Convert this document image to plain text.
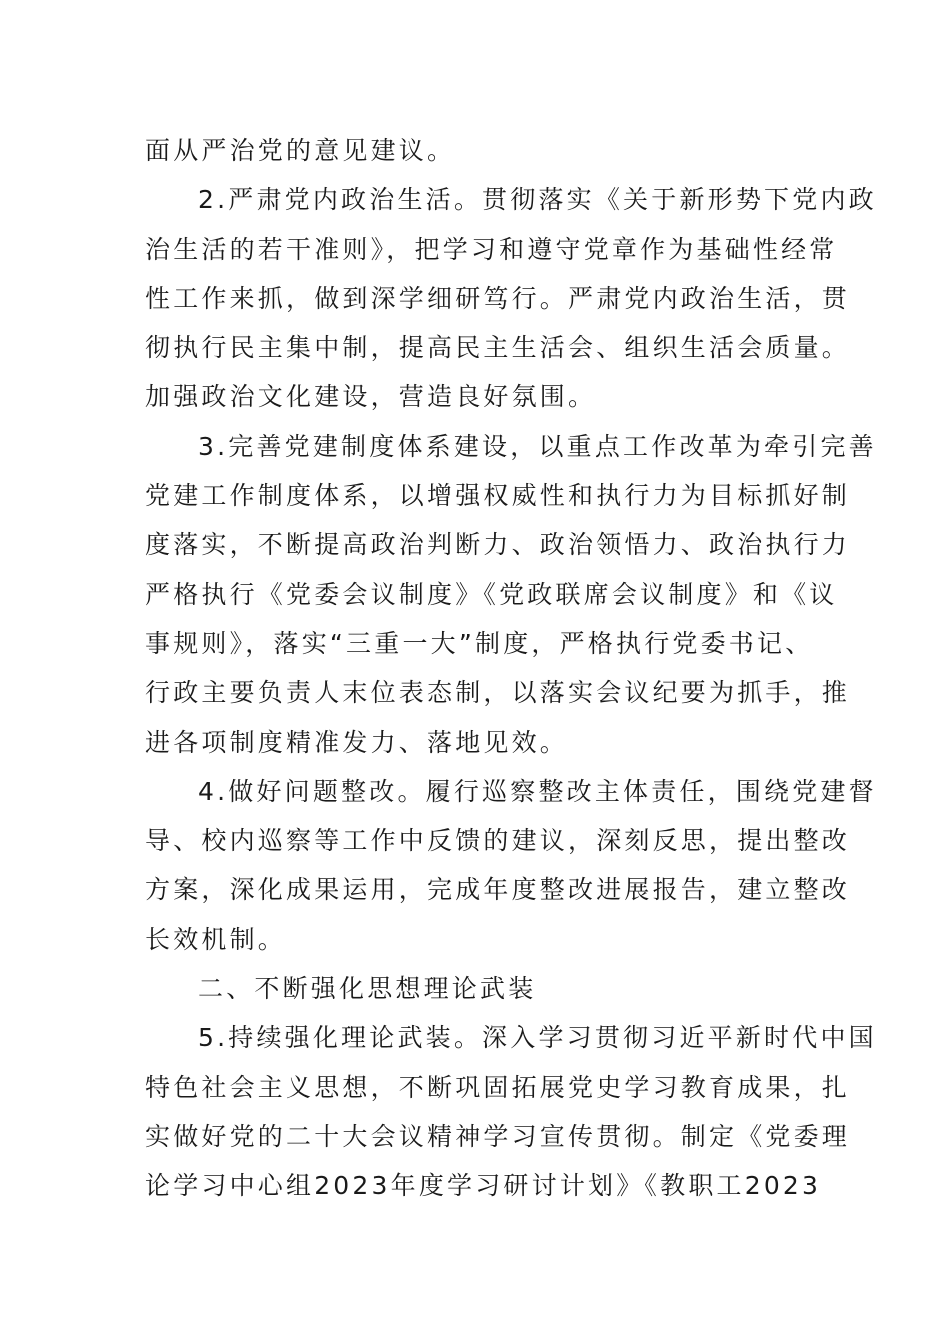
面从严治党的意见建议。
2.严肃党内政治生活。贯彻落实《关于新形势下党内政
治生活的若干准则》，把学习和遵守党章作为基础性经常
性工作来抓，做到深学细研笃行。严肃党内政治生活，贯
彻执行民主集中制，提高民主生活会、组织生活会质量。
加强政治文化建设，营造良好氛围。
3.完善党建制度体系建设，以重点工作改革为牵引完善
党建工作制度体系，以增强权威性和执行力为目标抓好制
度落实，不断提高政治判断力、政治领悟力、政治执行力
严格执行《党委会议制度》《党政联席会议制度》和《议
事规则》，落实“三重一大”制度，严格执行党委书记、
行政主要负责人末位表态制，以落实会议纪要为抓手，推
进各项制度精准发力、落地见效。
4.做好问题整改。履行巡察整改主体责任，围绕党建督
导、校内巡察等工作中反馈的建议，深刻反思，提出整改
方案，深化成果运用，完成年度整改进展报告，建立整改
长效机制。
二、不断强化思想理论武装
5.持续强化理论武装。深入学习贯彻习近平新时代中国
特色社会主义思想，不断巩固拓展党史学习教育成果，扎
实做好党的二十大会议精神学习宣传贯彻。制定《党委理
论学习中心组2023年度学习研讨计划》《教职工2023
